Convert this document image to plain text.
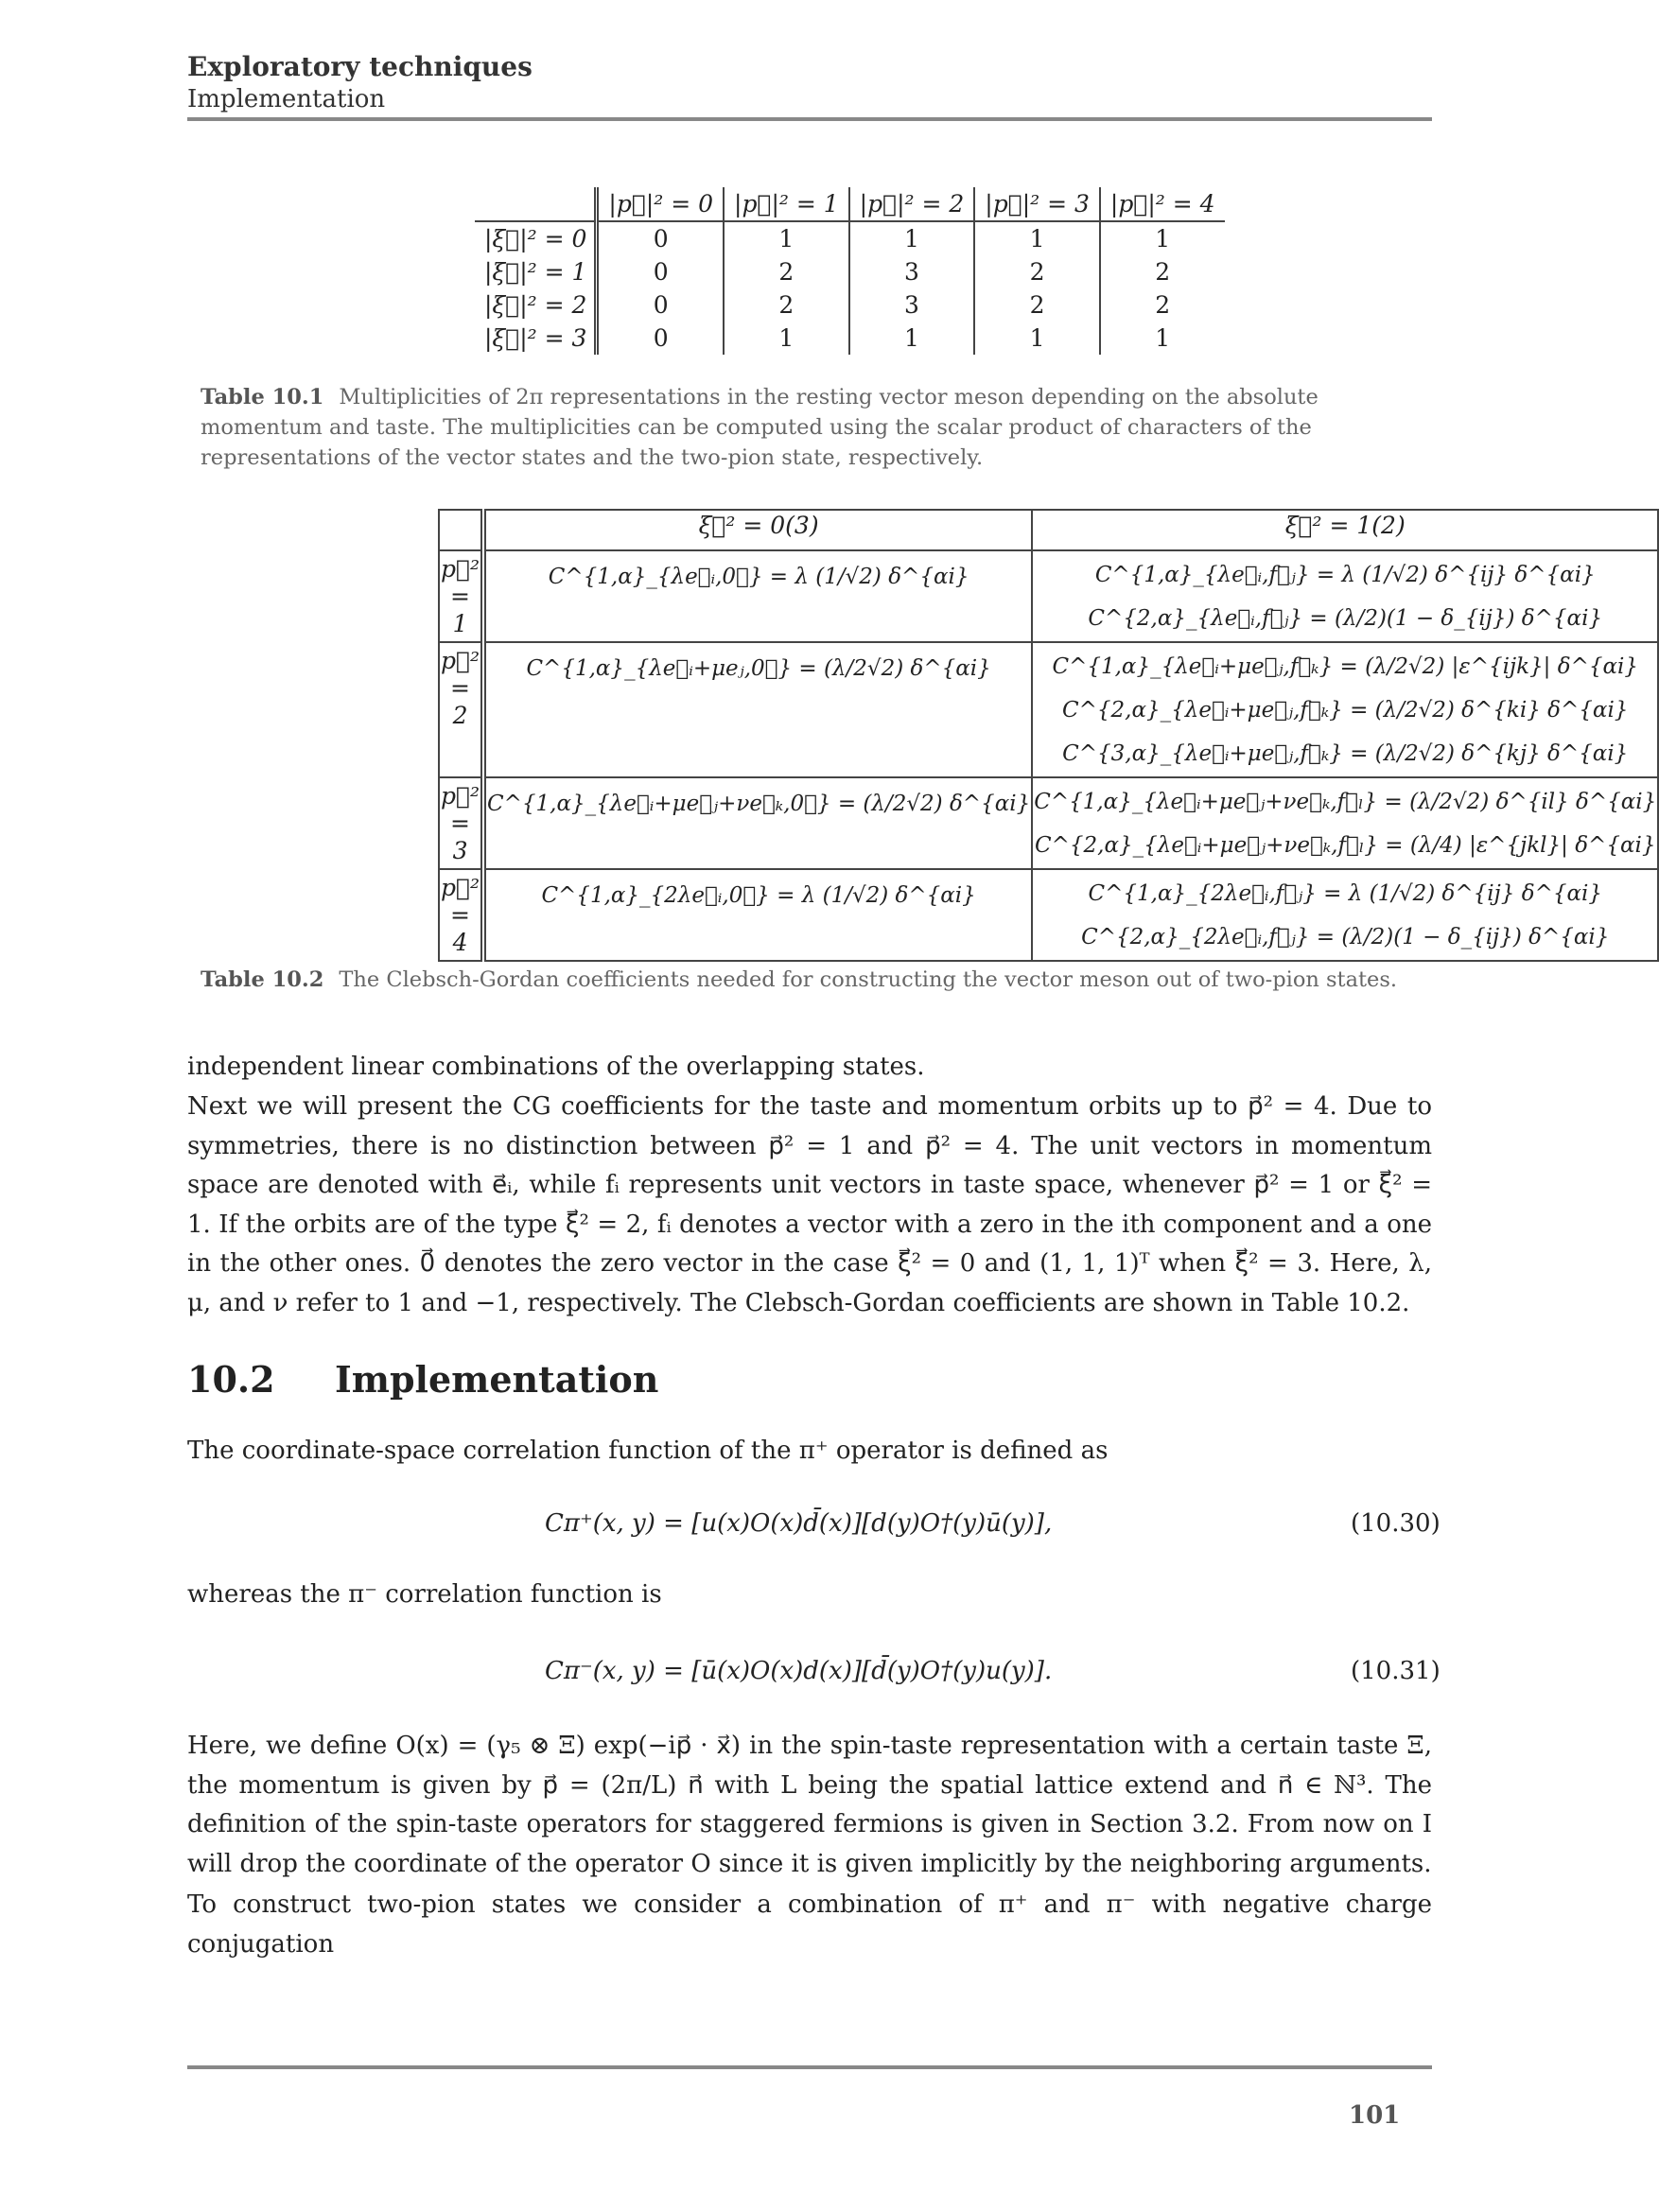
Exploratory techniques
Implementation
	|p⃗|² = 0	|p⃗|² = 1	|p⃗|² = 2	|p⃗|² = 3	|p⃗|² = 4
|ξ⃗|² = 0	0	1	1	1	1
|ξ⃗|² = 1	0	2	3	2	2
|ξ⃗|² = 2	0	2	3	2	2
|ξ⃗|² = 3	0	1	1	1	1
Table 10.1 Multiplicities of 2π representations in the resting vector meson depending on the absolute momentum and taste. The multiplicities can be computed using the scalar product of characters of the representations of the vector states and the two-pion state, respectively.
	ξ⃗² = 0(3)	ξ⃗² = 1(2)
p⃗² = 1	C^{1,α}_{λe⃗ᵢ,0⃗} = λ (1/√2) δ^{αi}	C^{1,α}_{λe⃗ᵢ,f⃗ⱼ} = λ (1/√2) δ^{ij} δ^{αi}
C^{2,α}_{λe⃗ᵢ,f⃗ⱼ} = (λ/2)(1 − δ_{ij}) δ^{αi}

p⃗² = 2	C^{1,α}_{λe⃗ᵢ+μeⱼ,0⃗} = (λ/2√2) δ^{αi}	C^{1,α}_{λe⃗ᵢ+μe⃗ⱼ,f⃗ₖ} = (λ/2√2) |ε^{ijk}| δ^{αi}
C^{2,α}_{λe⃗ᵢ+μe⃗ⱼ,f⃗ₖ} = (λ/2√2) δ^{ki} δ^{αi}
C^{3,α}_{λe⃗ᵢ+μe⃗ⱼ,f⃗ₖ} = (λ/2√2) δ^{kj} δ^{αi}

p⃗² = 3	C^{1,α}_{λe⃗ᵢ+μe⃗ⱼ+νe⃗ₖ,0⃗} = (λ/2√2) δ^{αi}	C^{1,α}_{λe⃗ᵢ+μe⃗ⱼ+νe⃗ₖ,f⃗ₗ} = (λ/2√2) δ^{il} δ^{αi}
C^{2,α}_{λe⃗ᵢ+μe⃗ⱼ+νe⃗ₖ,f⃗ₗ} = (λ/4) |ε^{jkl}| δ^{αi}

p⃗² = 4	C^{1,α}_{2λe⃗ᵢ,0⃗} = λ (1/√2) δ^{αi}	C^{1,α}_{2λe⃗ᵢ,f⃗ⱼ} = λ (1/√2) δ^{ij} δ^{αi}
C^{2,α}_{2λe⃗ᵢ,f⃗ⱼ} = (λ/2)(1 − δ_{ij}) δ^{αi}
Table 10.2 The Clebsch-Gordan coefficients needed for constructing the vector meson out of two-pion states.
independent linear combinations of the overlapping states.
Next we will present the CG coefficients for the taste and momentum orbits up to p⃗² = 4. Due to symmetries, there is no distinction between p⃗² = 1 and p⃗² = 4. The unit vectors in momentum space are denoted with e⃗ᵢ, while fᵢ represents unit vectors in taste space, whenever p⃗² = 1 or ξ⃗² = 1. If the orbits are of the type ξ⃗² = 2, fᵢ denotes a vector with a zero in the ith component and a one in the other ones. 0⃗ denotes the zero vector in the case ξ⃗² = 0 and (1, 1, 1)ᵀ when ξ⃗² = 3. Here, λ, μ, and ν refer to 1 and −1, respectively. The Clebsch-Gordan coefficients are shown in Table 10.2.
10.2 Implementation
The coordinate-space correlation function of the π⁺ operator is defined as
Cπ⁺(x, y) = [u(x)O(x)d̄(x)][d(y)O†(y)ū(y)],	(10.30)
whereas the π⁻ correlation function is
Cπ⁻(x, y) = [ū(x)O(x)d(x)][d̄(y)O†(y)u(y)].	(10.31)
Here, we define O(x) = (γ₅ ⊗ Ξ) exp(−ip⃗ · x⃗) in the spin-taste representation with a certain taste Ξ, the momentum is given by p⃗ = (2π/L) n⃗ with L being the spatial lattice extend and n⃗ ∈ ℕ³. The definition of the spin-taste operators for staggered fermions is given in Section 3.2. From now on I will drop the coordinate of the operator O since it is given implicitly by the neighboring arguments.
To construct two-pion states we consider a combination of π⁺ and π⁻ with negative charge conjugation
101
